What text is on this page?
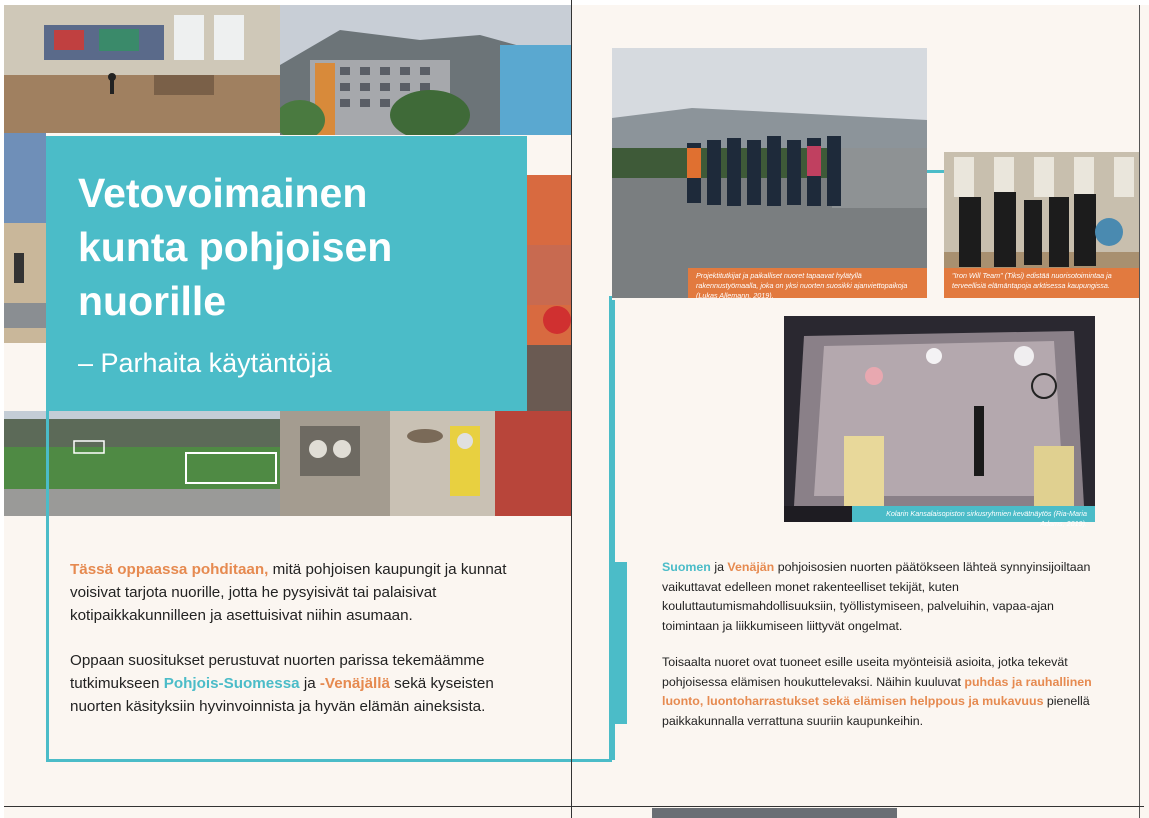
Vetovoimainen
kunta pohjoisen
nuorille

– Parhaita käytäntöjä

Tässä oppaassa pohditaan, mitä pohjoisen kaupungit ja kunnat voisivat tarjota nuorille, jotta he pysyisivät tai palaisivat kotipaikkakunnilleen ja asettuisivat niihin asumaan.

Oppaan suositukset perustuvat nuorten parissa tekemäämme tutkimukseen Pohjois-Suomessa ja -Venäjällä sekä kyseisten nuorten käsityksiin hyvinvoinnista ja hyvän elämän aineksista.

Projektitutkijat ja paikalliset nuoret tapaavat hylätyllä rakennustyömaalla, joka on yksi nuorten suosikki ajanviettopaikoja (Lukas Allemann, 2019).
"Iron Will Team" (Tiksi) edistää nuorisotoimintaa ja terveellisiä elämäntapoja arktisessa kaupungissa.
Kolarin Kansalaisopiston sirkusryhmien kevätnäytös (Ria-Maria Adams, 2019).

Suomen ja Venäjän pohjoisosien nuorten päätökseen lähteä synnyinsijoiltaan vaikuttavat edelleen monet rakenteelliset tekijät, kuten kouluttautumismahdollisuuksiin, työllistymiseen, palveluihin, vapaa-ajan toimintaan ja liikkumiseen liittyvät ongelmat.

Toisaalta nuoret ovat tuoneet esille useita myönteisiä asioita, jotka tekevät pohjoisessa elämisen houkuttelevaksi. Näihin kuuluvat puhdas ja rauhallinen luonto, luontoharrastukset sekä elämisen helppous ja mukavuus pienellä paikkakunnalla verrattuna suuriin kaupunkeihin.
